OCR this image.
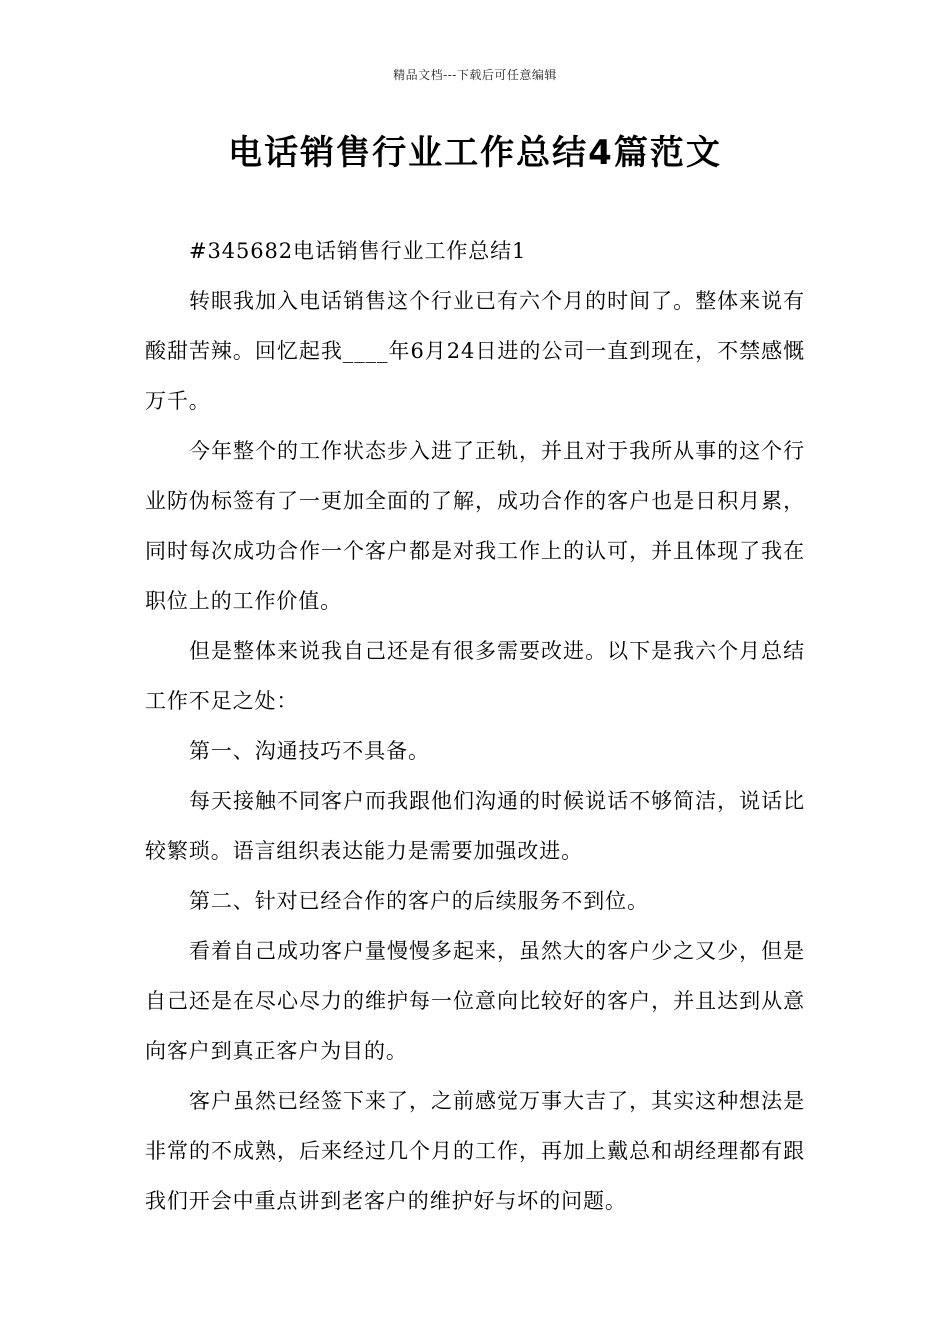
精品文档---下载后可任意编辑
电话销售行业工作总结4篇范文

#345682电话销售行业工作总结1

转眼我加入电话销售这个行业已有六个月的时间了。整体来说有酸甜苦辣。回忆起我____年6月24日进的公司一直到现在，不禁感慨万千。

今年整个的工作状态步入进了正轨，并且对于我所从事的这个行业防伪标签有了一更加全面的了解，成功合作的客户也是日积月累，同时每次成功合作一个客户都是对我工作上的认可，并且体现了我在职位上的工作价值。

但是整体来说我自己还是有很多需要改进。以下是我六个月总结工作不足之处：

第一、沟通技巧不具备。

每天接触不同客户而我跟他们沟通的时候说话不够简洁，说话比较繁琐。语言组织表达能力是需要加强改进。

第二、针对已经合作的客户的后续服务不到位。

看着自己成功客户量慢慢多起来，虽然大的客户少之又少，但是自己还是在尽心尽力的维护每一位意向比较好的客户，并且达到从意向客户到真正客户为目的。

客户虽然已经签下来了，之前感觉万事大吉了，其实这种想法是非常的不成熟，后来经过几个月的工作，再加上戴总和胡经理都有跟我们开会中重点讲到老客户的维护好与坏的问题。
